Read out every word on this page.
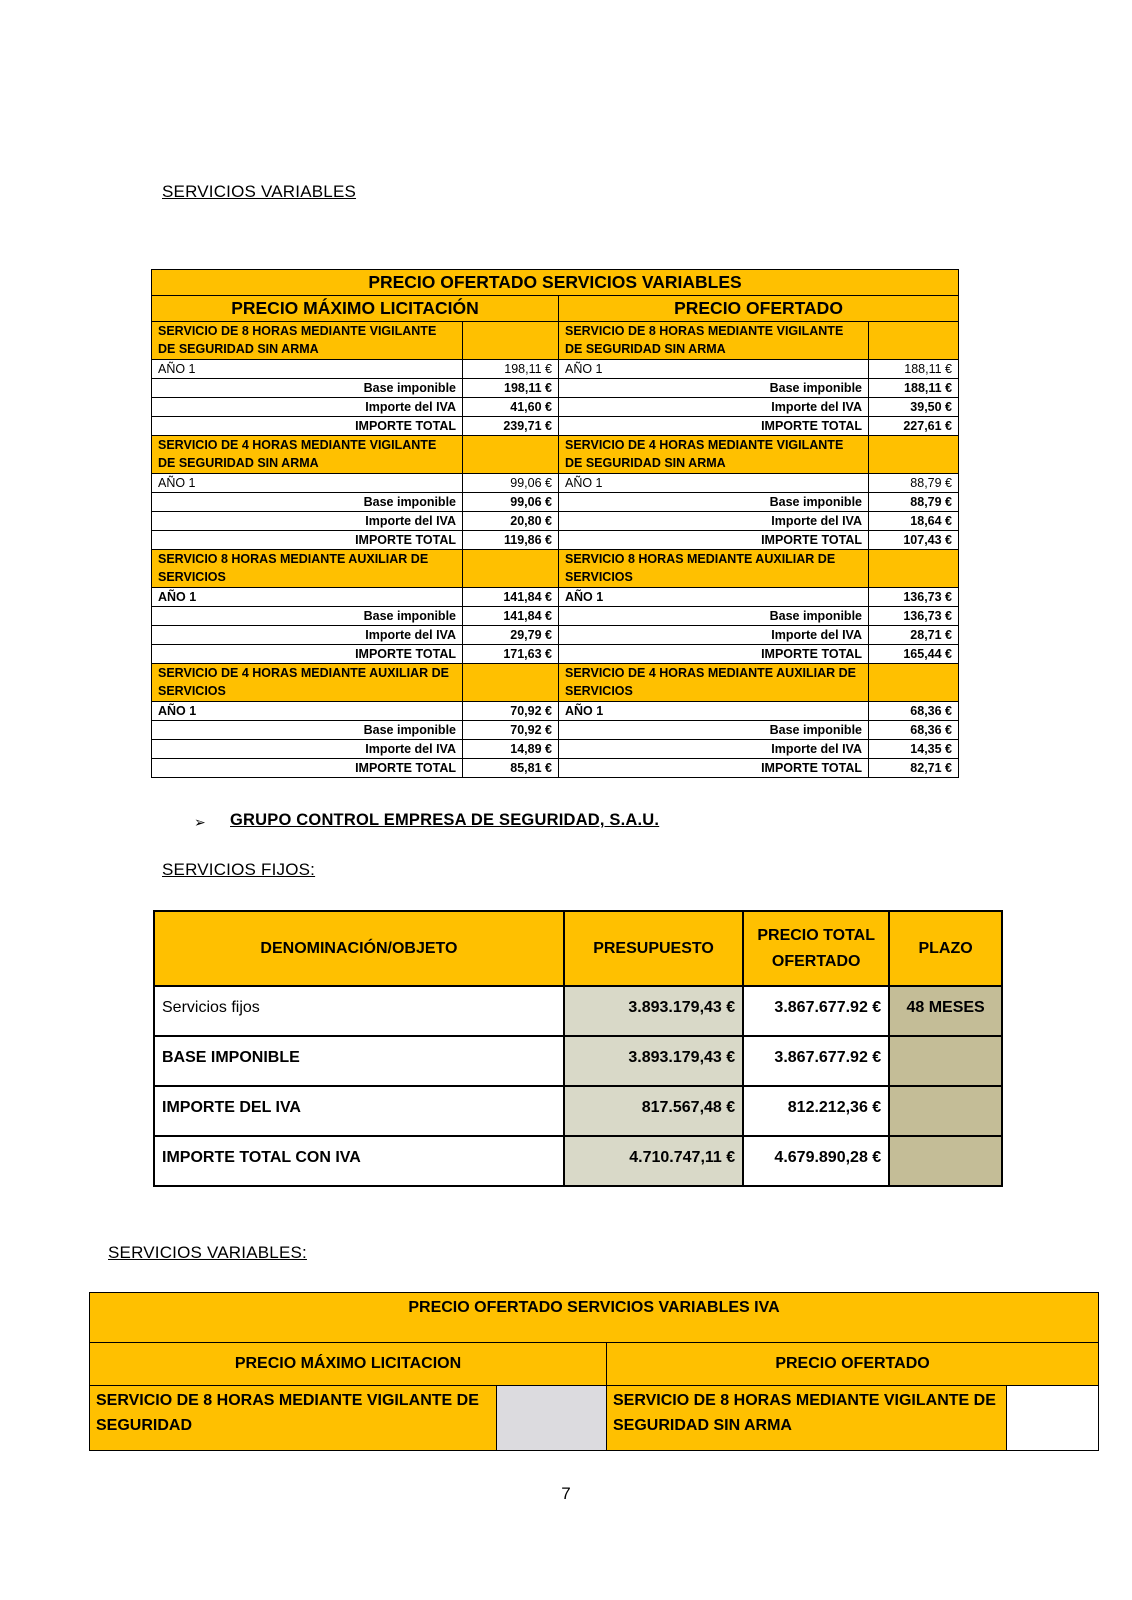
SERVICIOS VARIABLES
PRECIO OFERTADO SERVICIOS VARIABLES			
PRECIO MÁXIMO LICITACIÓN		PRECIO OFERTADO	
SERVICIO DE 8 HORAS MEDIANTE VIGILANTE DE SEGURIDAD SIN ARMA		SERVICIO DE 8 HORAS MEDIANTE VIGILANTE DE SEGURIDAD SIN ARMA	
AÑO 1	198,11 €	AÑO 1	188,11 €
Base imponible	198,11 €	Base imponible	188,11 €
Importe del IVA	41,60 €	Importe del IVA	39,50 €
IMPORTE TOTAL	239,71 €	IMPORTE TOTAL	227,61 €
SERVICIO DE 4 HORAS MEDIANTE VIGILANTE DE SEGURIDAD SIN ARMA		SERVICIO DE 4 HORAS MEDIANTE VIGILANTE DE SEGURIDAD SIN ARMA	
AÑO 1	99,06 €	AÑO 1	88,79 €
Base imponible	99,06 €	Base imponible	88,79 €
Importe del IVA	20,80 €	Importe del IVA	18,64 €
IMPORTE TOTAL	119,86 €	IMPORTE TOTAL	107,43 €
SERVICIO 8 HORAS MEDIANTE AUXILIAR DE SERVICIOS		SERVICIO 8 HORAS MEDIANTE AUXILIAR DE SERVICIOS	
AÑO 1	141,84 €	AÑO 1	136,73 €
Base imponible	141,84 €	Base imponible	136,73 €
Importe del IVA	29,79 €	Importe del IVA	28,71 €
IMPORTE TOTAL	171,63 €	IMPORTE TOTAL	165,44 €
SERVICIO DE 4 HORAS MEDIANTE AUXILIAR DE SERVICIOS		SERVICIO DE 4 HORAS MEDIANTE AUXILIAR DE SERVICIOS	
AÑO 1	70,92 €	AÑO 1	68,36 €
Base imponible	70,92 €	Base imponible	68,36 €
Importe del IVA	14,89 €	Importe del IVA	14,35 €
IMPORTE TOTAL	85,81 €	IMPORTE TOTAL	82,71 €
➢ GRUPO CONTROL EMPRESA DE SEGURIDAD, S.A.U.
SERVICIOS FIJOS:
DENOMINACIÓN/OBJETO	PRESUPUESTO	PRECIO TOTAL OFERTADO	PLAZO
Servicios fijos	3.893.179,43 €	3.867.677.92 €	48 MESES
BASE IMPONIBLE	3.893.179,43 €	3.867.677.92 €	
IMPORTE DEL IVA	817.567,48 €	812.212,36 €	
IMPORTE TOTAL CON IVA	4.710.747,11 €	4.679.890,28 €	
SERVICIOS VARIABLES:
PRECIO OFERTADO SERVICIOS VARIABLES IVA			
PRECIO MÁXIMO LICITACION		PRECIO OFERTADO	
SERVICIO DE 8 HORAS MEDIANTE VIGILANTE DE SEGURIDAD		SERVICIO DE 8 HORAS MEDIANTE VIGILANTE DE SEGURIDAD SIN ARMA	
7
